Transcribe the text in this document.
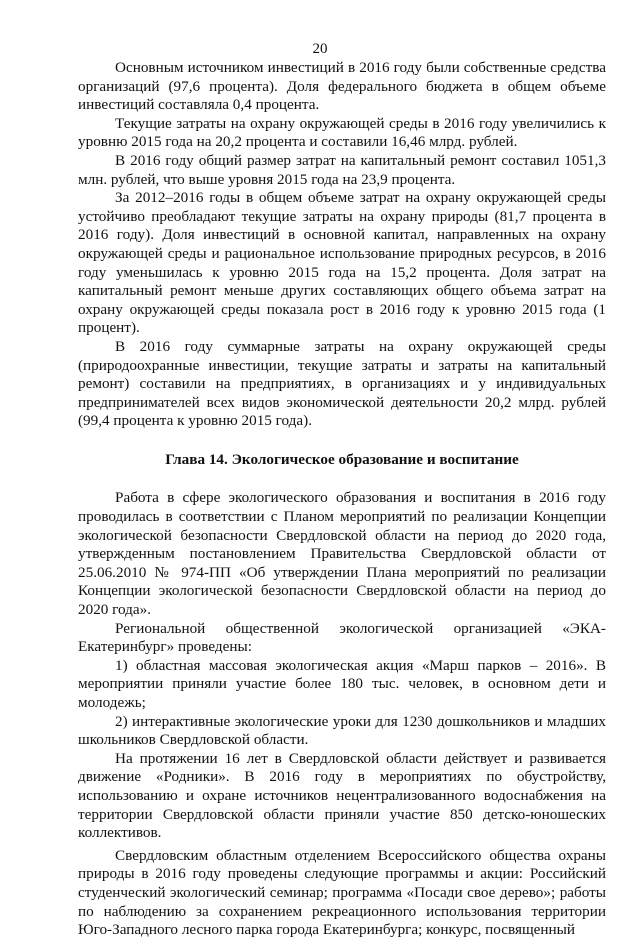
20

Основным источником инвестиций в 2016 году были собственные средства организаций (97,6 процента). Доля федерального бюджета в общем объеме инвестиций составляла 0,4 процента.

Текущие затраты на охрану окружающей среды в 2016 году увеличились к уровню 2015 года на 20,2 процента и составили 16,46 млрд. рублей.

В 2016 году общий размер затрат на капитальный ремонт составил 1051,3 млн. рублей, что выше уровня 2015 года на 23,9 процента.

За 2012–2016 годы в общем объеме затрат на охрану окружающей среды устойчиво преобладают текущие затраты на охрану природы (81,7 процента в 2016 году). Доля инвестиций в основной капитал, направленных на охрану окружающей среды и рациональное использование природных ресурсов, в 2016 году уменьшилась к уровню 2015 года на 15,2 процента. Доля затрат на капитальный ремонт меньше других составляющих общего объема затрат на охрану окружающей среды показала рост в 2016 году к уровню 2015 года (1 процент).

В 2016 году суммарные затраты на охрану окружающей среды (природоохранные инвестиции, текущие затраты и затраты на капитальный ремонт) составили на предприятиях, в организациях и у индивидуальных предпринимателей всех видов экономической деятельности 20,2 млрд. рублей (99,4 процента к уровню 2015 года).

Глава 14. Экологическое образование и воспитание

Работа в сфере экологического образования и воспитания в 2016 году проводилась в соответствии с Планом мероприятий по реализации Концепции экологической безопасности Свердловской области на период до 2020 года, утвержденным постановлением Правительства Свердловской области от 25.06.2010 № 974-ПП «Об утверждении Плана мероприятий по реализации Концепции экологической безопасности Свердловской области на период до 2020 года».

Региональной общественной экологической организацией «ЭКА-Екатеринбург» проведены:

1) областная массовая экологическая акция «Марш парков – 2016». В мероприятии приняли участие более 180 тыс. человек, в основном дети и молодежь;

2) интерактивные экологические уроки для 1230 дошкольников и младших школьников Свердловской области.

На протяжении 16 лет в Свердловской области действует и развивается движение «Родники». В 2016 году в мероприятиях по обустройству, использованию и охране источников нецентрализованного водоснабжения на территории Свердловской области приняли участие 850 детско-юношеских коллективов.

Свердловским областным отделением Всероссийского общества охраны природы в 2016 году проведены следующие программы и акции: Российский студенческий экологический семинар; программа «Посади свое дерево»; работы по наблюдению за сохранением рекреационного использования территории Юго-Западного лесного парка города Екатеринбурга; конкурс, посвященный
